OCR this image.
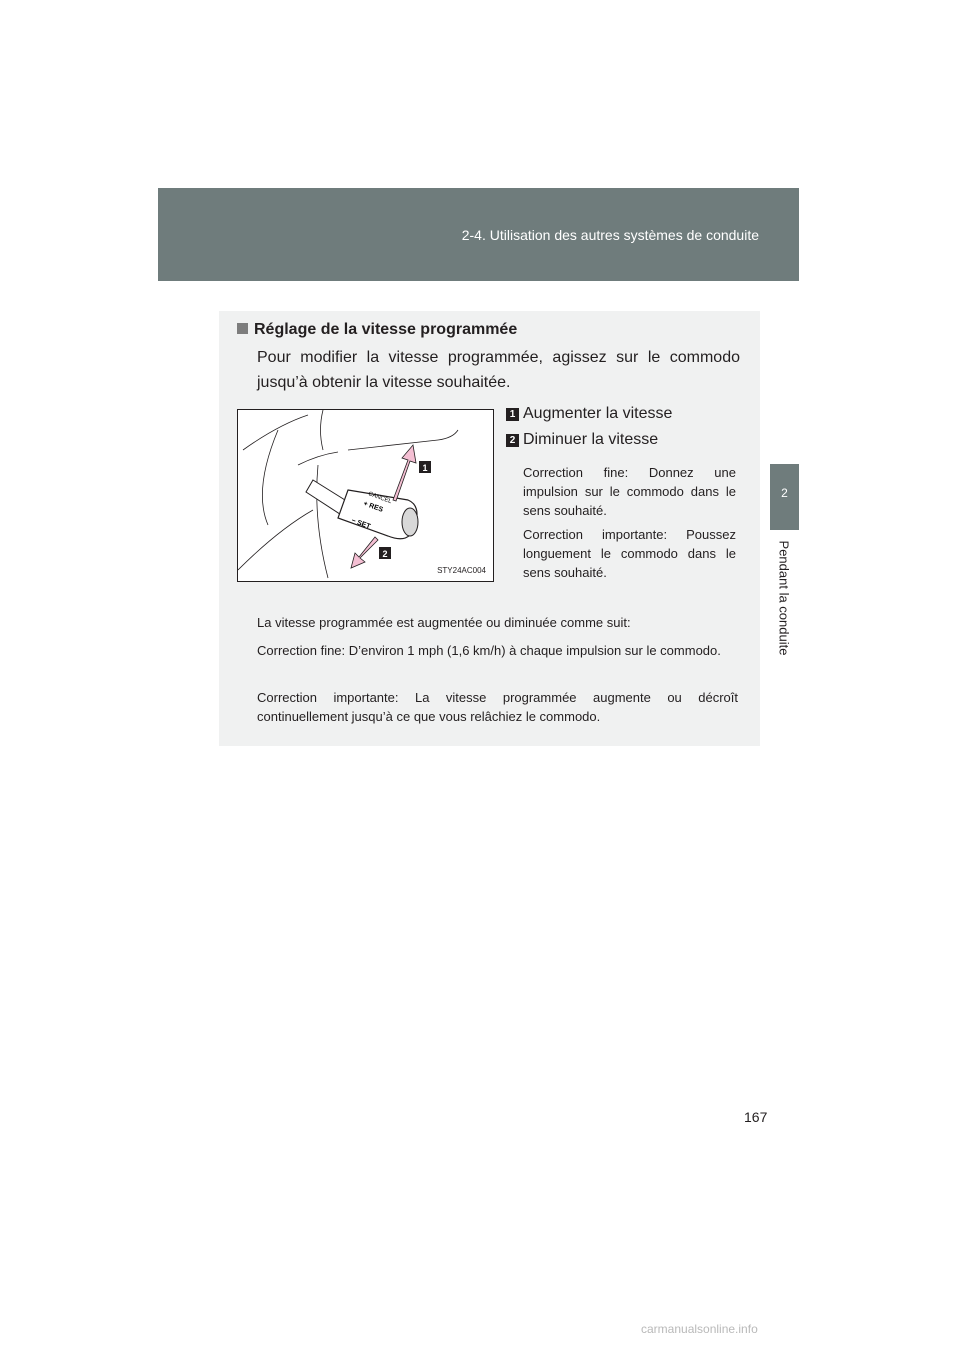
2-4. Utilisation des autres systèmes de conduite
2
Pendant la conduite
Réglage de la vitesse programmée
Pour modifier la vitesse programmée, agissez sur le commodo jusqu’à obtenir la vitesse souhaitée.
CANCEL
+ RES
− SET
1
2
STY24AC004
1 Augmenter la vitesse
2 Diminuer la vitesse
Correction fine: Donnez une impulsion sur le commodo dans le sens souhaité.
Correction importante: Poussez longuement le commodo dans le sens souhaité.
La vitesse programmée est augmentée ou diminuée comme suit:
Correction fine: D’environ 1 mph (1,6 km/h) à chaque impulsion sur le commodo.
Correction importante: La vitesse programmée augmente ou décroît continuellement jusqu’à ce que vous relâchiez le commodo.
167
carmanualsonline.info
